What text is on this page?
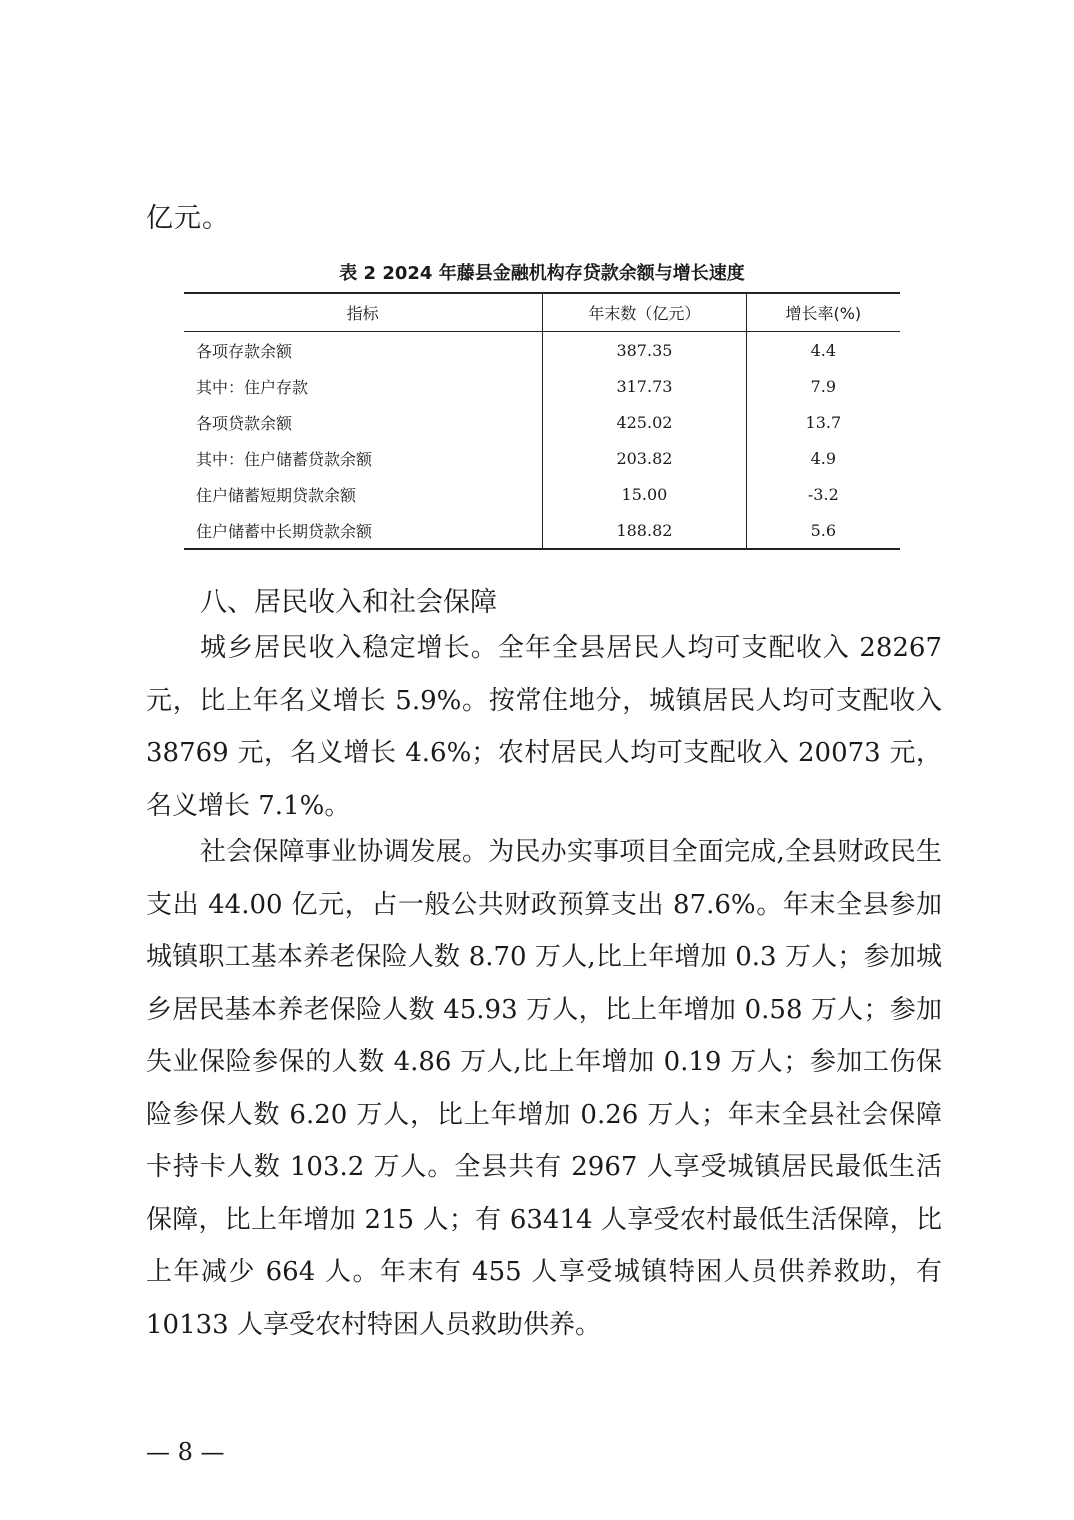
亿元。
表 2 2024 年藤县金融机构存贷款余额与增长速度
指标	年末数（亿元）	增长率(%)
各项存款余额	387.35	4.4
其中：住户存款	317.73	7.9
各项贷款余额	425.02	13.7
其中：住户储蓄贷款余额	203.82	4.9
住户储蓄短期贷款余额	15.00	-3.2
住户储蓄中长期贷款余额	188.82	5.6
八、居民收入和社会保障

城乡居民收入稳定增长。全年全县居民人均可支配收入 28267 元，比上年名义增长 5.9%。按常住地分，城镇居民人均可支配收入 38769 元，名义增长 4.6%；农村居民人均可支配收入 20073 元，名义增长 7.1%。

社会保障事业协调发展。为民办实事项目全面完成,全县财政民生支出 44.00 亿元，占一般公共财政预算支出 87.6%。年末全县参加城镇职工基本养老保险人数 8.70 万人,比上年增加 0.3 万人；参加城乡居民基本养老保险人数 45.93 万人，比上年增加 0.58 万人；参加失业保险参保的人数 4.86 万人,比上年增加 0.19 万人；参加工伤保险参保人数 6.20 万人，比上年增加 0.26 万人；年末全县社会保障卡持卡人数 103.2 万人。全县共有 2967 人享受城镇居民最低生活保障，比上年增加 215 人；有 63414 人享受农村最低生活保障，比上年减少 664 人。年末有 455 人享受城镇特困人员供养救助，有 10133 人享受农村特困人员救助供养。

— 8 —
